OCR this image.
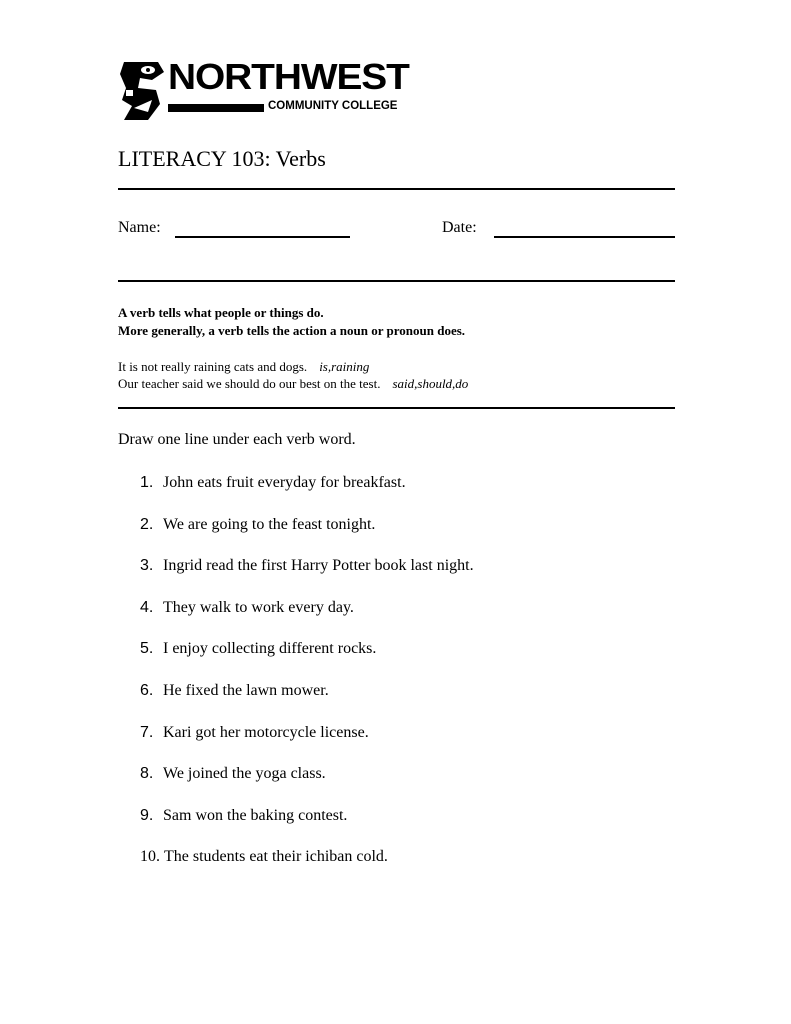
NORTHWEST
COMMUNITY COLLEGE
LITERACY 103: Verbs
Name:	Date:
A verb tells what people or things do.
More generally, a verb tells the action a noun or pronoun does.
It is not really raining cats and dogs. is,raining
Our teacher said we should do our best on the test. said,should,do
Draw one line under each verb word.
1. John eats fruit everyday for breakfast.
2. We are going to the feast tonight.
3. Ingrid read the first Harry Potter book last night.
4. They walk to work every day.
5. I enjoy collecting different rocks.
6. He fixed the lawn mower.
7. Kari got her motorcycle license.
8. We joined the yoga class.
9. Sam won the baking contest.
10. The students eat their ichiban cold.
